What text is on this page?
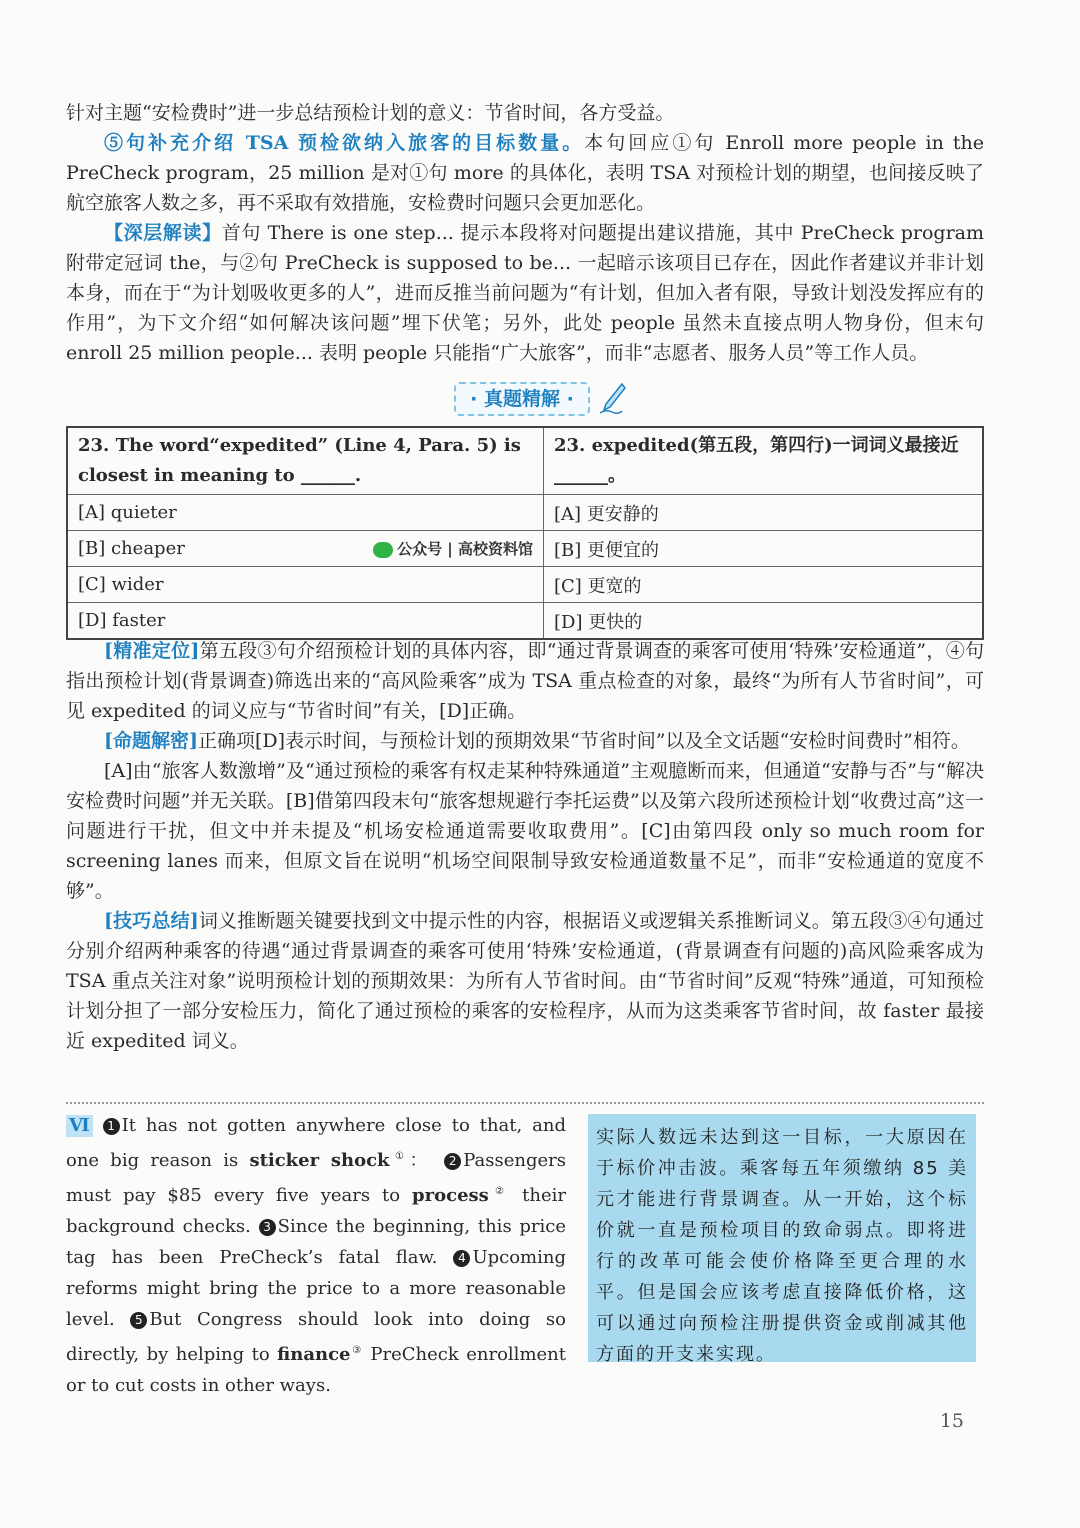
针对主题“安检费时”进一步总结预检计划的意义：节省时间，各方受益。

⑤句补充介绍 TSA 预检欲纳入旅客的目标数量。本句回应①句 Enroll more people in the PreCheck program，25 million 是对①句 more 的具体化，表明 TSA 对预检计划的期望，也间接反映了航空旅客人数之多，再不采取有效措施，安检费时问题只会更加恶化。

【深层解读】首句 There is one step... 提示本段将对问题提出建议措施，其中 PreCheck program 附带定冠词 the，与②句 PreCheck is supposed to be... 一起暗示该项目已存在，因此作者建议并非计划本身，而在于“为计划吸收更多的人”，进而反推当前问题为“有计划，但加入者有限，导致计划没发挥应有的作用”，为下文介绍“如何解决该问题”埋下伏笔；另外，此处 people 虽然未直接点明人物身份，但末句 enroll 25 million people... 表明 people 只能指“广大旅客”，而非“志愿者、服务人员”等工作人员。

· 真题精解 ·
23. The word“expedited” (Line 4, Para. 5) is closest in meaning to ______.	23. expedited(第五段，第四行)一词词义最接近______。
[A] quieter	[A] 更安静的
[B] cheaper 公众号 | 高校资料馆	[B] 更便宜的
[C] wider	[C] 更宽的
[D] faster	[D] 更快的

[精准定位]第五段③句介绍预检计划的具体内容，即“通过背景调查的乘客可使用‘特殊’安检通道”，④句指出预检计划(背景调查)筛选出来的“高风险乘客”成为 TSA 重点检查的对象，最终“为所有人节省时间”，可见 expedited 的词义应与“节省时间”有关，[D]正确。

[命题解密]正确项[D]表示时间，与预检计划的预期效果“节省时间”以及全文话题“安检时间费时”相符。

[A]由“旅客人数激增”及“通过预检的乘客有权走某种特殊通道”主观臆断而来，但通道“安静与否”与“解决安检费时问题”并无关联。[B]借第四段末句“旅客想规避行李托运费”以及第六段所述预检计划“收费过高”这一问题进行干扰，但文中并未提及“机场安检通道需要收取费用”。[C]由第四段 only so much room for screening lanes 而来，但原文旨在说明“机场空间限制导致安检通道数量不足”，而非“安检通道的宽度不够”。

[技巧总结]词义推断题关键要找到文中提示性的内容，根据语义或逻辑关系推断词义。第五段③④句通过分别介绍两种乘客的待遇“通过背景调查的乘客可使用‘特殊’安检通道，(背景调查有问题的)高风险乘客成为 TSA 重点关注对象”说明预检计划的预期效果：为所有人节省时间。由“节省时间”反观“特殊”通道，可知预检计划分担了一部分安检压力，简化了通过预检的乘客的安检程序，从而为这类乘客节省时间，故 faster 最接近 expedited 词义。

Ⅵ 1 It has not gotten anywhere close to that, and one big reason is sticker shock①： 2 Passengers must pay $85 every five years to process② their background checks. 3 Since the beginning, this price tag has been PreCheck’s fatal flaw. 4 Upcoming reforms might bring the price to a more reasonable level. 5 But Congress should look into doing so directly, by helping to finance③ PreCheck enrollment or to cut costs in other ways.
实际人数远未达到这一目标，一大原因在于标价冲击波。乘客每五年须缴纳 85 美元才能进行背景调查。从一开始，这个标价就一直是预检项目的致命弱点。即将进行的改革可能会使价格降至更合理的水平。但是国会应该考虑直接降低价格，这可以通过向预检注册提供资金或削减其他方面的开支来实现。
15
